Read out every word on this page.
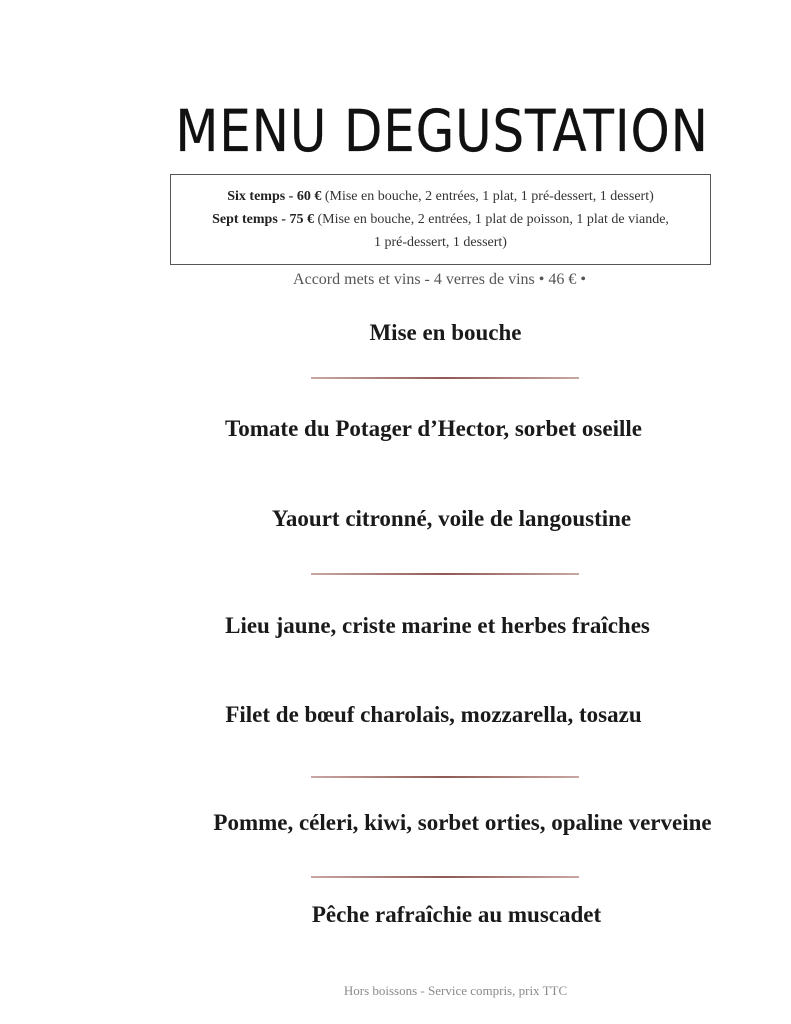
MENU DEGUSTATION
Six temps - 60 € (Mise en bouche, 2 entrées, 1 plat, 1 pré-dessert, 1 dessert)
Sept temps - 75 € (Mise en bouche, 2 entrées, 1 plat de poisson, 1 plat de viande,
1 pré-dessert, 1 dessert)
Accord mets et vins - 4 verres de vins • 46 € •
Mise en bouche
Tomate du Potager d’Hector, sorbet oseille
Yaourt citronné, voile de langoustine
Lieu jaune, criste marine et herbes fraîches
Filet de bœuf charolais, mozzarella, tosazu
Pomme, céleri, kiwi, sorbet orties, opaline verveine
Pêche rafraîchie au muscadet
Hors boissons - Service compris, prix TTC
